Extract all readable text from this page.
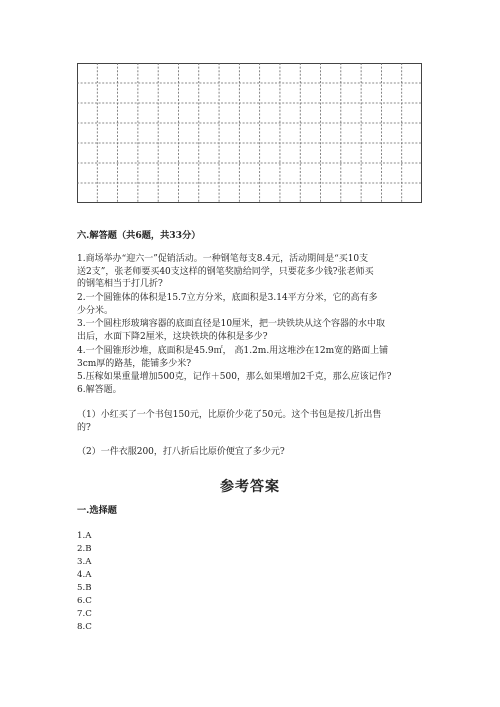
六.解答题（共6题，共33分）
1.商场举办“迎六一”促销活动。一种钢笔每支8.4元，活动期间是“买10支
送2支”，张老师要买40支这样的钢笔奖励给同学，只要花多少钱?张老师买
的钢笔相当于打几折?
2.一个圆锥体的体积是15.7立方分米，底面积是3.14平方分米，它的高有多
少分米。
3.一个圆柱形玻璃容器的底面直径是10厘米，把一块铁块从这个容器的水中取
出后，水面下降2厘米，这块铁块的体积是多少?
4.一个圆锥形沙堆，底面积是45.9㎡， 高1.2m.用这堆沙在12m宽的路面上铺
3cm厚的路基，能铺多少米?
5.压稼如果重量增加500克，记作＋500，那么如果增加2千克，那么应该记作?
6.解答题。
（1）小红买了一个书包150元，比原价少花了50元。这个书包是按几折出售
的?
（2）一件衣服200，打八折后比原价便宜了多少元?
参考答案
一.选择题
1.A
2.B
3.A
4.A
5.B
6.C
7.C
8.C
